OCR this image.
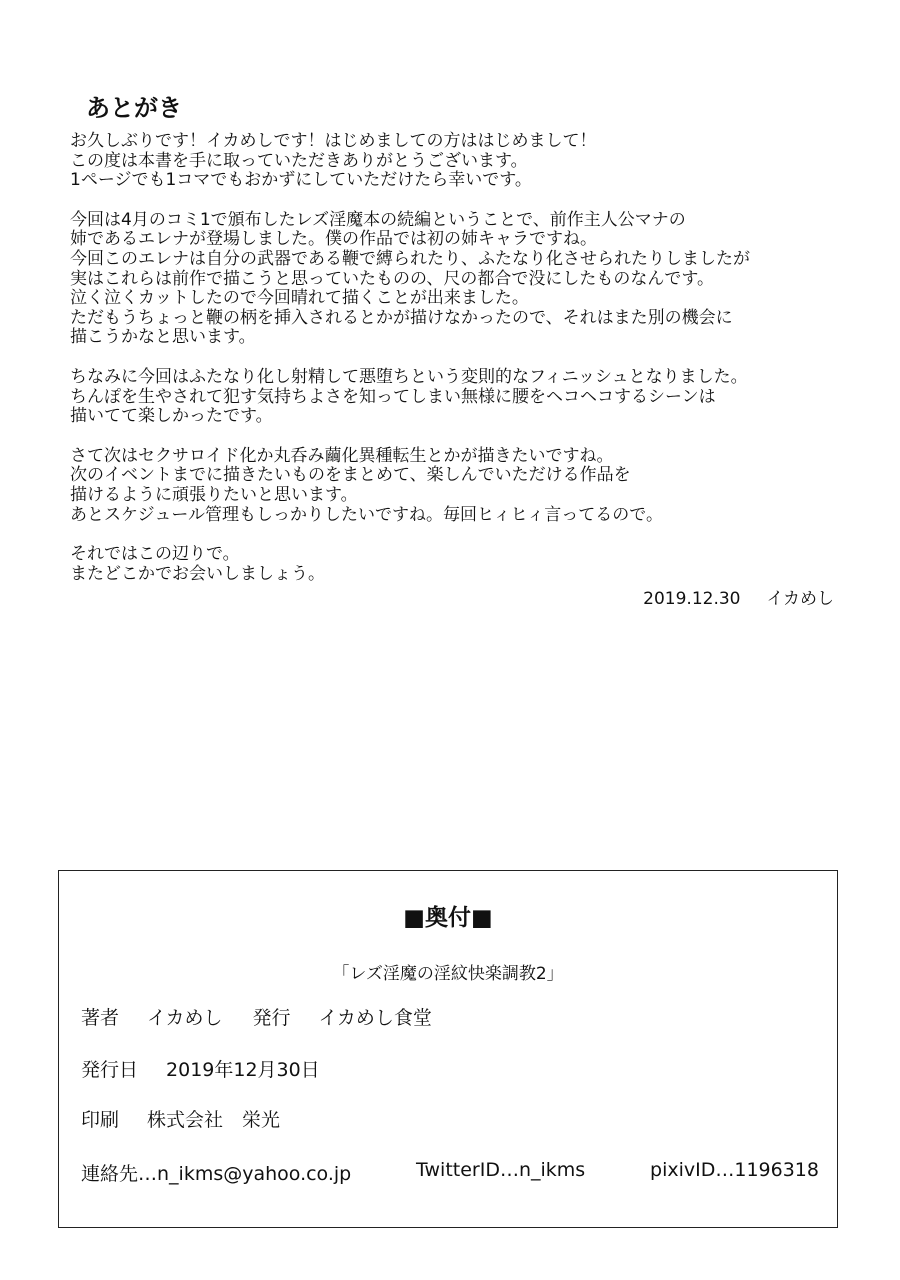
あとがき
お久しぶりです！イカめしです！はじめましての方ははじめまして！
この度は本書を手に取っていただきありがとうございます。
1ページでも1コマでもおかずにしていただけたら幸いです。
今回は4月のコミ1で頒布したレズ淫魔本の続編ということで、前作主人公マナの
姉であるエレナが登場しました。僕の作品では初の姉キャラですね。
今回このエレナは自分の武器である鞭で縛られたり、ふたなり化させられたりしましたが
実はこれらは前作で描こうと思っていたものの、尺の都合で没にしたものなんです。
泣く泣くカットしたので今回晴れて描くことが出来ました。
ただもうちょっと鞭の柄を挿入されるとかが描けなかったので、それはまた別の機会に
描こうかなと思います。
ちなみに今回はふたなり化し射精して悪堕ちという変則的なフィニッシュとなりました。
ちんぽを生やされて犯す気持ちよさを知ってしまい無様に腰をヘコヘコするシーンは
描いてて楽しかったです。
さて次はセクサロイド化か丸呑み繭化異種転生とかが描きたいですね。
次のイベントまでに描きたいものをまとめて、楽しんでいただける作品を
描けるように頑張りたいと思います。
あとスケジュール管理もしっかりしたいですね。毎回ヒィヒィ言ってるので。
それではこの辺りで。
またどこかでお会いしましょう。
2019.12.30 イカめし
■奥付■
「レズ淫魔の淫紋快楽調教2」
著者 イカめし 発行 イカめし食堂
発行日 2019年12月30日
印刷 株式会社　栄光
連絡先…n_ikms@yahoo.co.jp	TwitterID…n_ikms	pixivID…1196318
